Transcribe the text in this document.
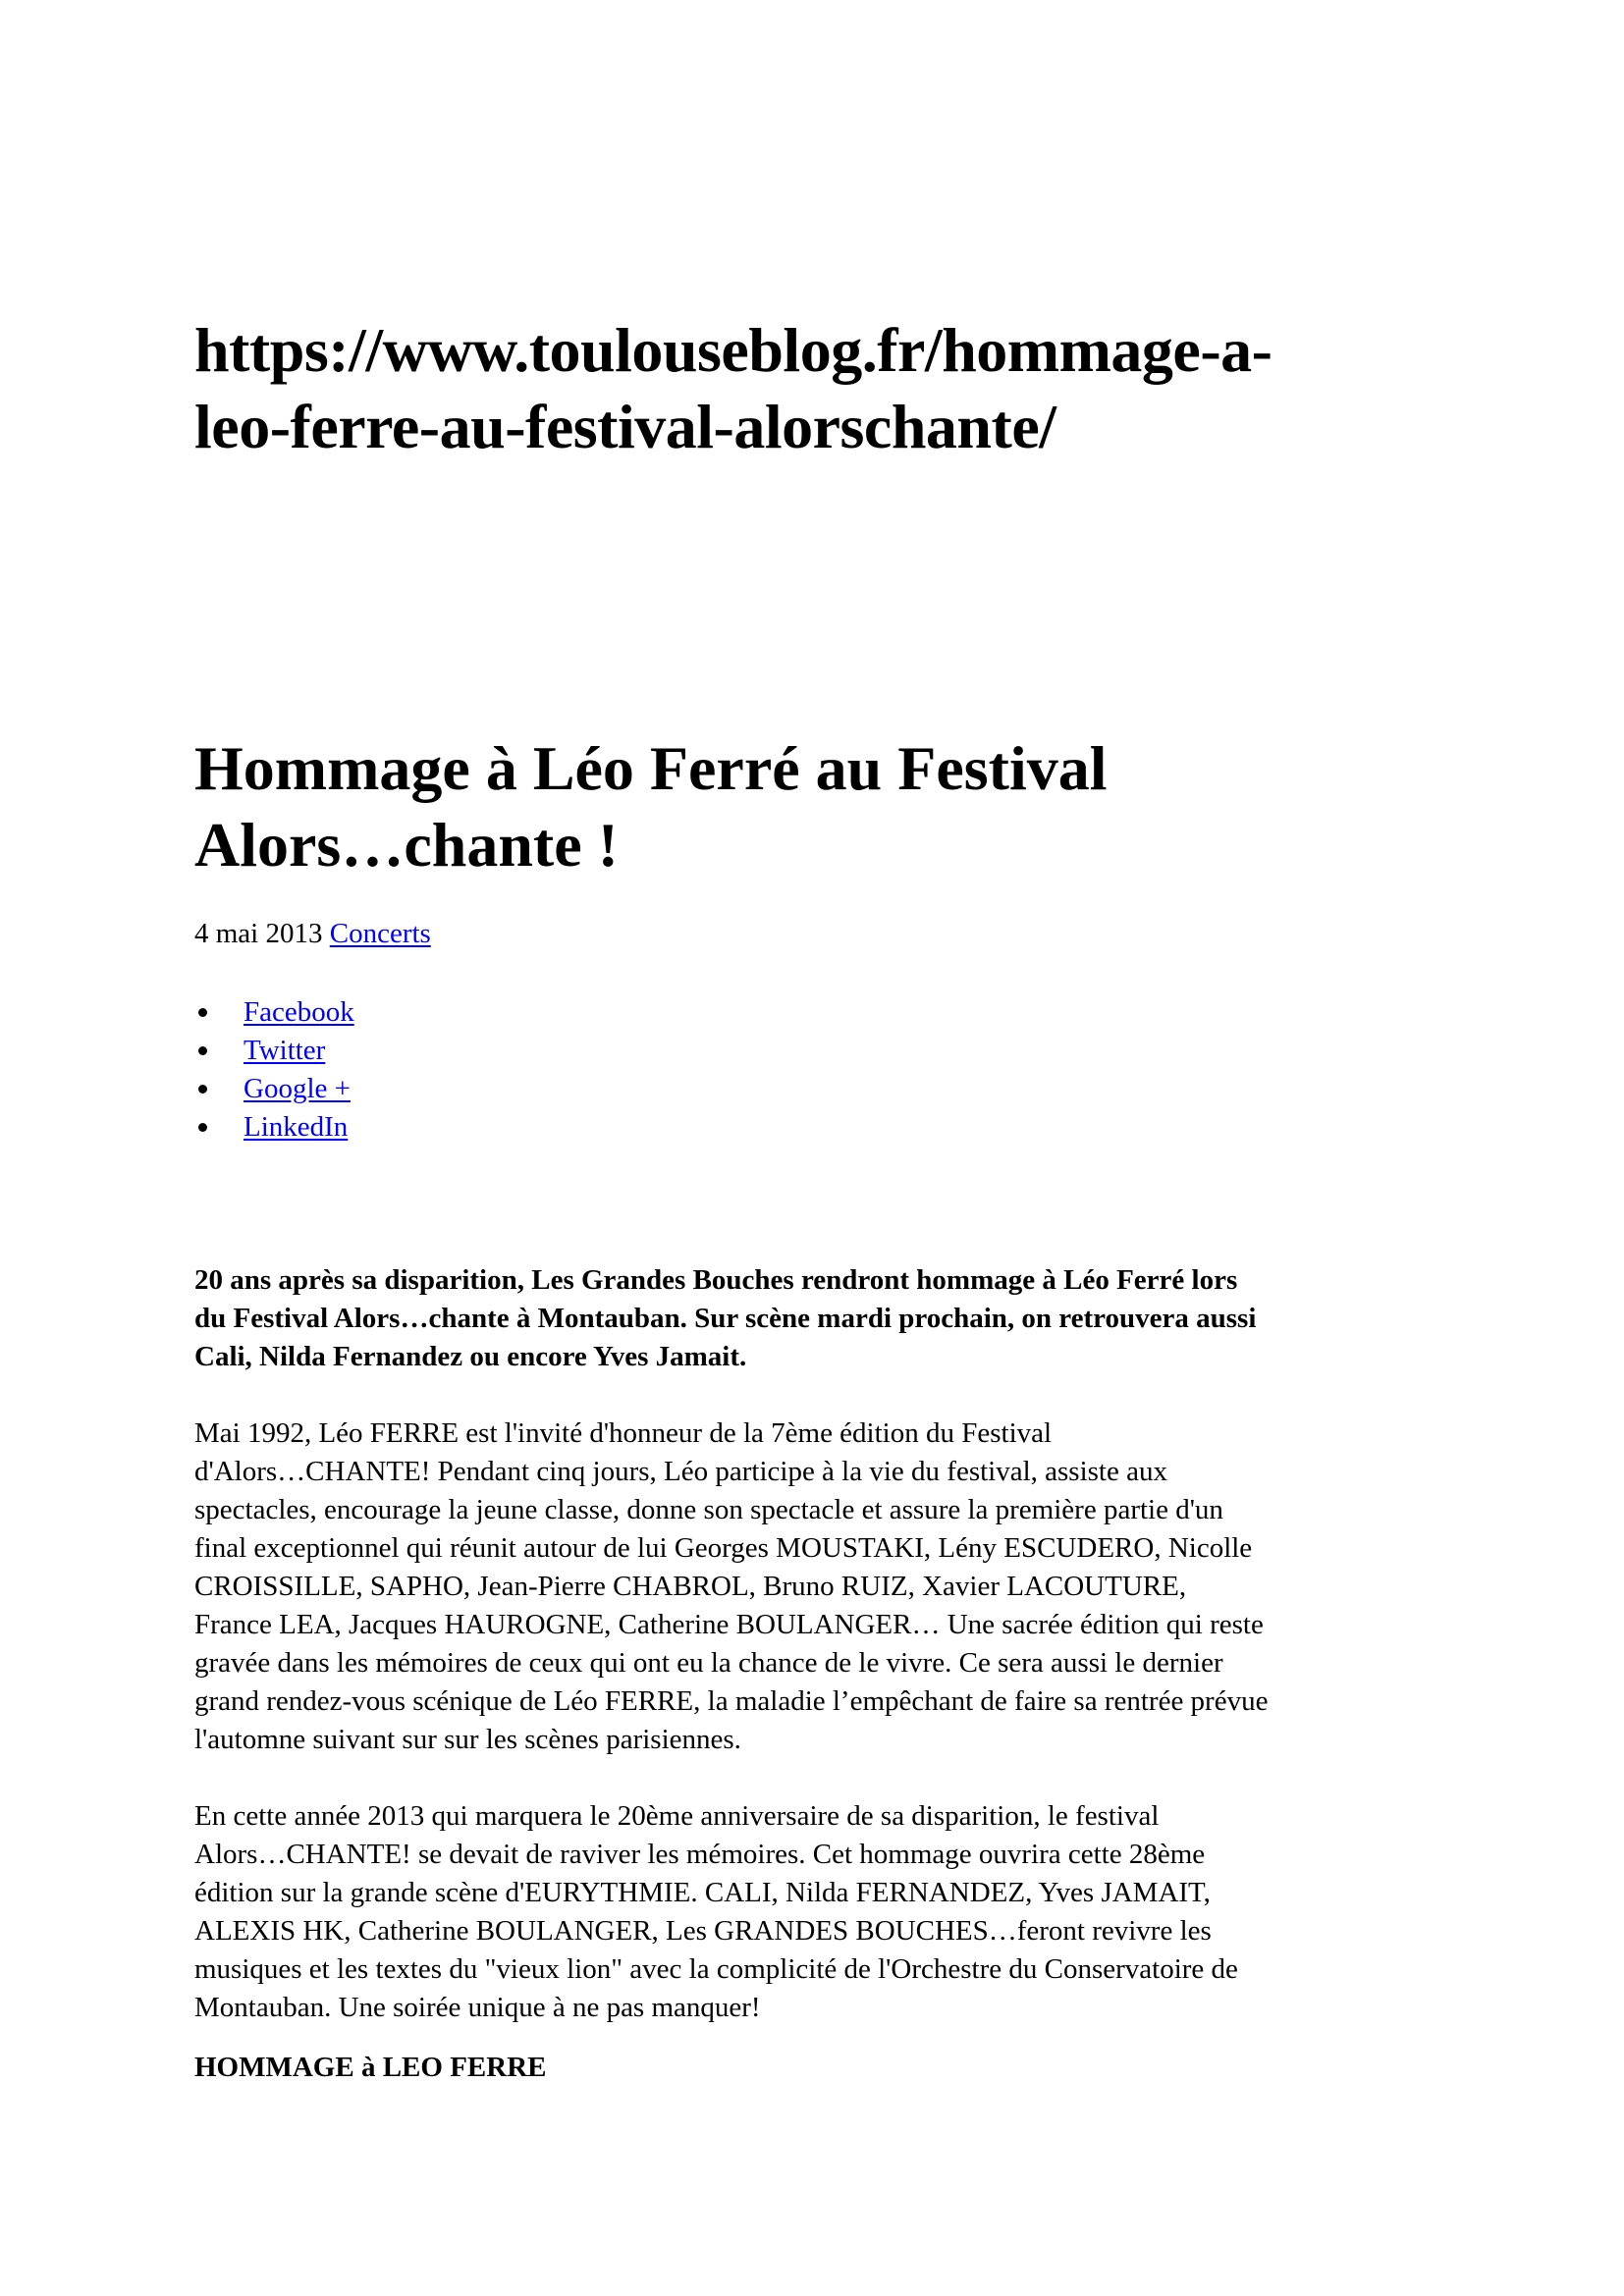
https://www.toulouseblog.fr/hommage-a-
leo-ferre-au-festival-alorschante/
Hommage à Léo Ferré au Festival
Alors…chante !
4 mai 2013 Concerts
Facebook
Twitter
Google +
LinkedIn

20 ans après sa disparition, Les Grandes Bouches rendront hommage à Léo Ferré lors
du Festival Alors…chante à Montauban. Sur scène mardi prochain, on retrouvera aussi
Cali, Nilda Fernandez ou encore Yves Jamait.

Mai 1992, Léo FERRE est l'invité d'honneur de la 7ème édition du Festival
d'Alors…CHANTE! Pendant cinq jours, Léo participe à la vie du festival, assiste aux
spectacles, encourage la jeune classe, donne son spectacle et assure la première partie d'un
final exceptionnel qui réunit autour de lui Georges MOUSTAKI, Lény ESCUDERO, Nicolle
CROISSILLE, SAPHO, Jean-Pierre CHABROL, Bruno RUIZ, Xavier LACOUTURE,
France LEA, Jacques HAUROGNE, Catherine BOULANGER… Une sacrée édition qui reste
gravée dans les mémoires de ceux qui ont eu la chance de le vivre. Ce sera aussi le dernier
grand rendez-vous scénique de Léo FERRE, la maladie l’empêchant de faire sa rentrée prévue
l'automne suivant sur sur les scènes parisiennes.

En cette année 2013 qui marquera le 20ème anniversaire de sa disparition, le festival
Alors…CHANTE! se devait de raviver les mémoires. Cet hommage ouvrira cette 28ème
édition sur la grande scène d'EURYTHMIE. CALI, Nilda FERNANDEZ, Yves JAMAIT,
ALEXIS HK, Catherine BOULANGER, Les GRANDES BOUCHES…feront revivre les
musiques et les textes du "vieux lion" avec la complicité de l'Orchestre du Conservatoire de
Montauban. Une soirée unique à ne pas manquer!

HOMMAGE à LEO FERRE
